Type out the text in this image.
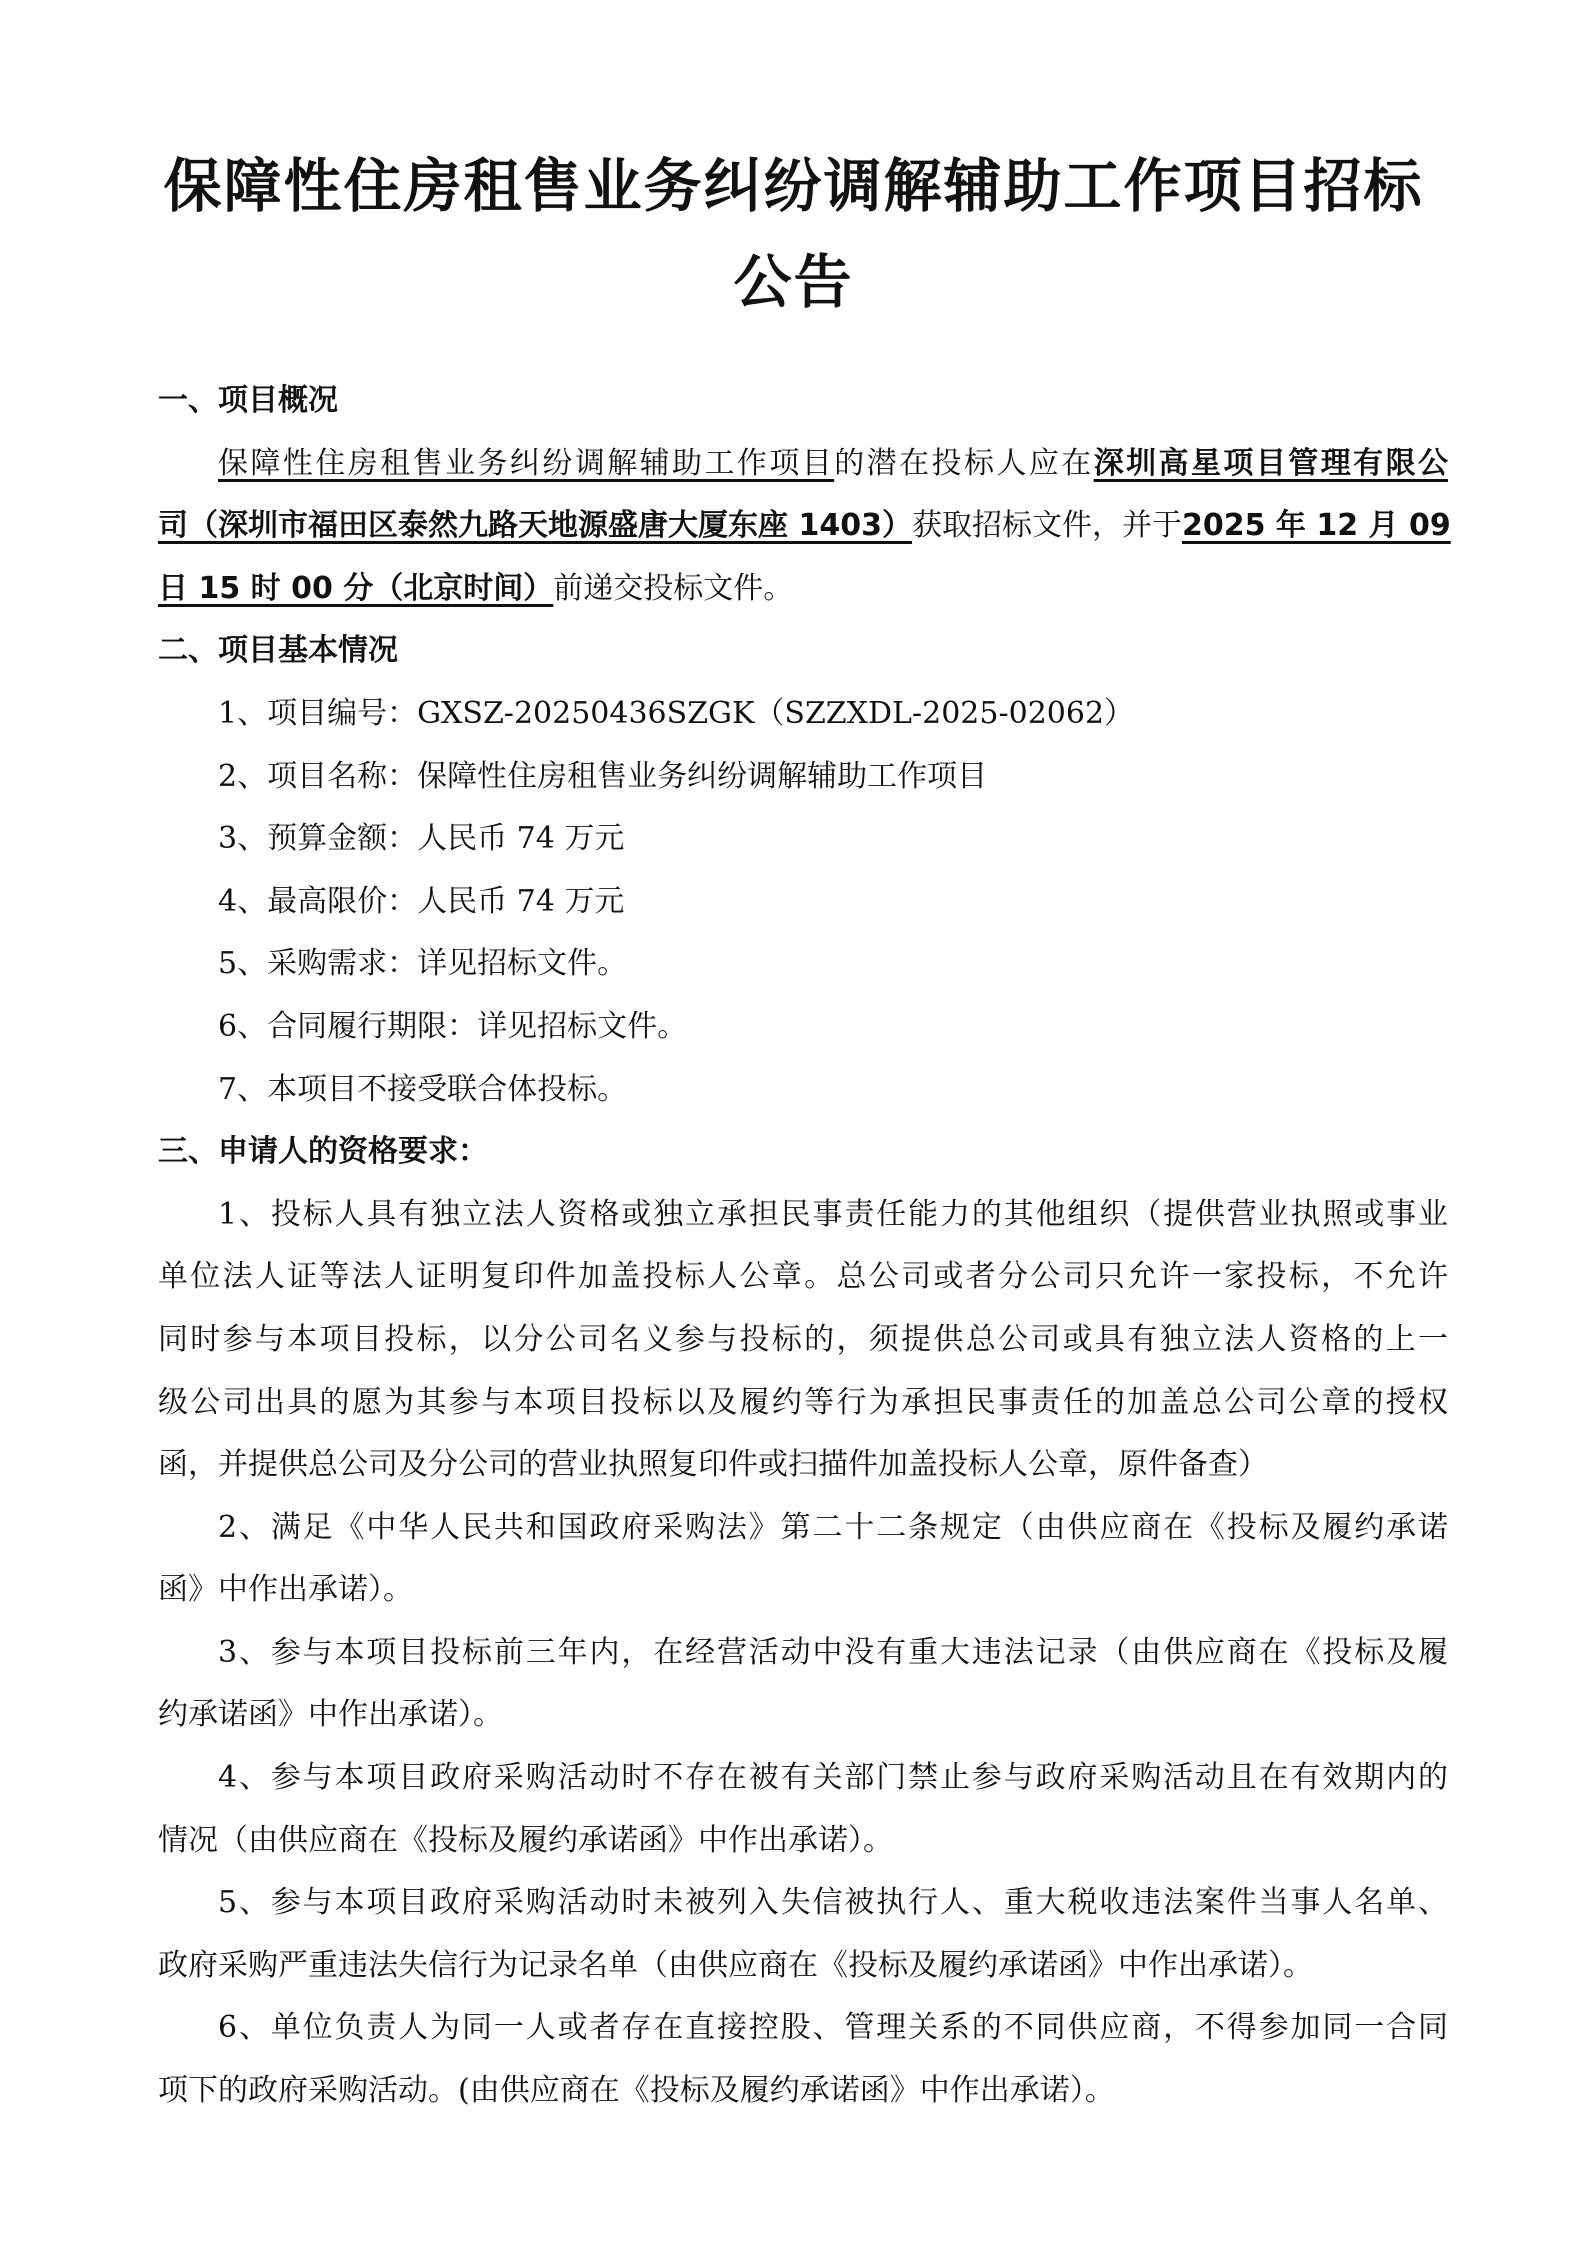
保障性住房租售业务纠纷调解辅助工作项目招标
公告
一、项目概况
保障性住房租售业务纠纷调解辅助工作项目的潜在投标人应在深圳高星项目管理有限公
司（深圳市福田区泰然九路天地源盛唐大厦东座 1403）获取招标文件，并于2025 年 12 月 09
日 15 时 00 分（北京时间）前递交投标文件。
二、项目基本情况
1、项目编号：GXSZ-20250436SZGK（SZZXDL-2025-02062）
2、项目名称：保障性住房租售业务纠纷调解辅助工作项目
3、预算金额：人民币 74 万元
4、最高限价：人民币 74 万元
5、采购需求：详见招标文件。
6、合同履行期限：详见招标文件。
7、本项目不接受联合体投标。
三、申请人的资格要求：
1、投标人具有独立法人资格或独立承担民事责任能力的其他组织（提供营业执照或事业
单位法人证等法人证明复印件加盖投标人公章。总公司或者分公司只允许一家投标，不允许
同时参与本项目投标，以分公司名义参与投标的，须提供总公司或具有独立法人资格的上一
级公司出具的愿为其参与本项目投标以及履约等行为承担民事责任的加盖总公司公章的授权
函，并提供总公司及分公司的营业执照复印件或扫描件加盖投标人公章，原件备查）
2、满足《中华人民共和国政府采购法》第二十二条规定（由供应商在《投标及履约承诺
函》中作出承诺）。
3、参与本项目投标前三年内，在经营活动中没有重大违法记录（由供应商在《投标及履
约承诺函》中作出承诺）。
4、参与本项目政府采购活动时不存在被有关部门禁止参与政府采购活动且在有效期内的
情况（由供应商在《投标及履约承诺函》中作出承诺）。
5、参与本项目政府采购活动时未被列入失信被执行人、重大税收违法案件当事人名单、
政府采购严重违法失信行为记录名单（由供应商在《投标及履约承诺函》中作出承诺）。
6、单位负责人为同一人或者存在直接控股、管理关系的不同供应商，不得参加同一合同
项下的政府采购活动。(由供应商在《投标及履约承诺函》中作出承诺）。
